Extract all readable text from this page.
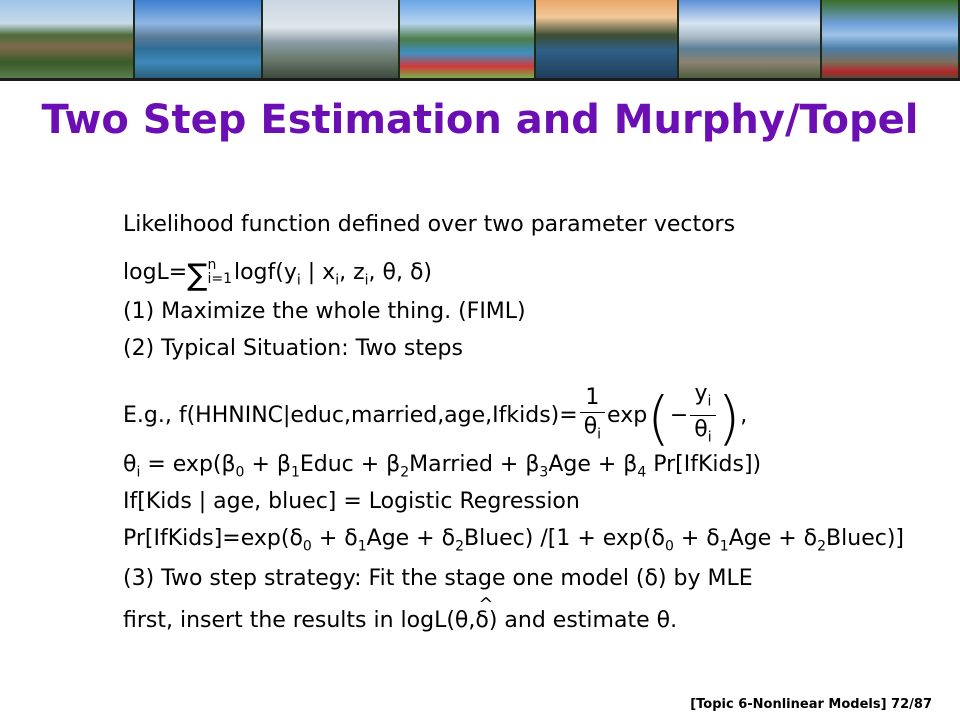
Two Step Estimation and Murphy/Topel
Likelihood function defined over two parameter vectors
logL=∑n
$i=1\log f(y_i$ | $x_i$, $z_i$, θ, δ)
(1) Maximize the whole thing. (FIML)
(2) Typical Situation: Two steps
E.g., f(HHNINC|educ,married,age,Ifkids)= $\frac{1}{\theta_i} \exp(- \frac{y_i}{\theta_i}$ ),
$\theta_i = \exp(\beta_0$ + $\beta_1Educ$ + $\beta_2Married + \beta_3Age + \beta_4$ Pr[IfKids])
If[Kids | age, bluec] = Logistic Regression
$Pr[IfKids]=\exp(\delta_0 + \delta_1Age$ + $\delta_2Bluec$) $/[1 + \exp(\delta_0 + \delta_1Age$ + $\delta_2Bluec$)]
(3) Two step strategy: Fit the stage one model (δ) by MLE
first, insert the results in logL(θ,
^
δ) and estimate θ.
[Topic 6-Nonlinear Models] 72/87
